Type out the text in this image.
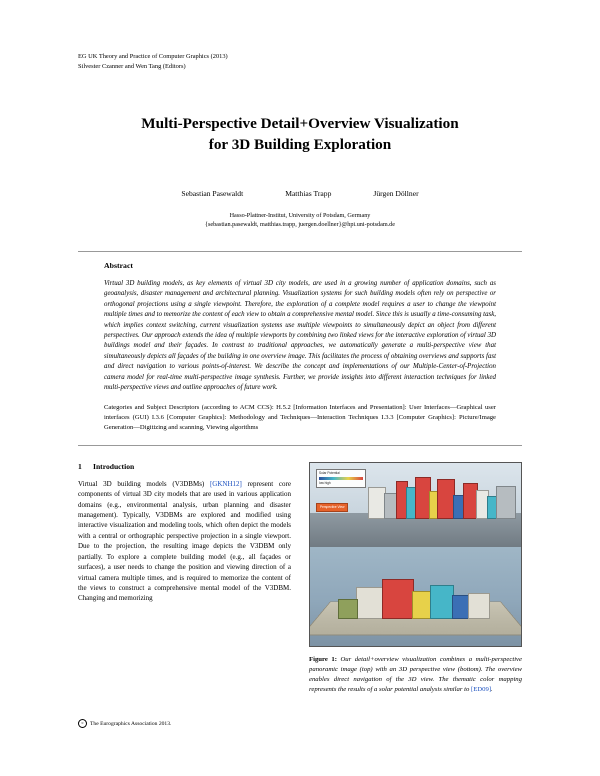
EG UK Theory and Practice of Computer Graphics (2013)
Silvester Czanner and Wen Tang (Editors)
Multi-Perspective Detail+Overview Visualization
for 3D Building Exploration
Sebastian Pasewaldt	Matthias Trapp	Jürgen Döllner
Hasso-Plattner-Institut, University of Potsdam, Germany
{sebastian.pasewaldt, matthias.trapp, juergen.doellner}@hpi.uni-potsdam.de
Abstract
Virtual 3D building models, as key elements of virtual 3D city models, are used in a growing number of application domains, such as geoanalysis, disaster management and architectural planning. Visualization systems for such building models often rely on perspective or orthogonal projections using a single viewpoint. Therefore, the exploration of a complete model requires a user to change the viewpoint multiple times and to memorize the content of each view to obtain a comprehensive mental model. Since this is usually a time-consuming task, which implies context switching, current visualization systems use multiple viewpoints to simultaneously depict an object from different perspectives. Our approach extends the idea of multiple viewports by combining two linked views for the interactive exploration of virtual 3D buildings model and their façades. In contrast to traditional approaches, we automatically generate a multi-perspective view that simultaneously depicts all façades of the building in one overview image. This facilitates the process of obtaining overviews and supports fast and direct navigation to various points-of-interest. We describe the concept and implementations of our Multiple-Center-of-Projection camera model for real-time multi-perspective image synthesis. Further, we provide insights into different interaction techniques for linked multi-perspective views and outline approaches of future work.
Categories and Subject Descriptors (according to ACM CCS): H.5.2 [Information Interfaces and Presentation]: User Interfaces—Graphical user interfaces (GUI) I.3.6 [Computer Graphics]: Methodology and Techniques—Interaction Techniques I.3.3 [Computer Graphics]: Picture/Image Generation—Digitizing and scanning, Viewing algorithms
1 Introduction
Virtual 3D building models (V3DBMs) [GKNH12] represent core components of virtual 3D city models that are used in various application domains (e.g., environmental analysis, urban planning and disaster management). Typically, V3DBMs are explored and modified using interactive visualization and modeling tools, which often depict the models with a central or orthographic perspective projection in a single viewport. Due to the projection, the resulting image depicts the V3DBM only partially. To explore a complete building model (e.g., all façades or surfaces), a user needs to change the position and viewing direction of a virtual camera multiple times, and is required to memorize the content of the views to construct a comprehensive mental model of the V3DBM. Changing and memorizing
Solar Potential
low high
Perspective View
Figure 1: Our detail+overview visualization combines a multi-perspective panoramic image (top) with an 3D perspective view (bottom). The overview enables direct navigation of the 3D view. The thematic color mapping represents the results of a solar potential analysis similar to [ED09].
c	The Eurographics Association 2013.
